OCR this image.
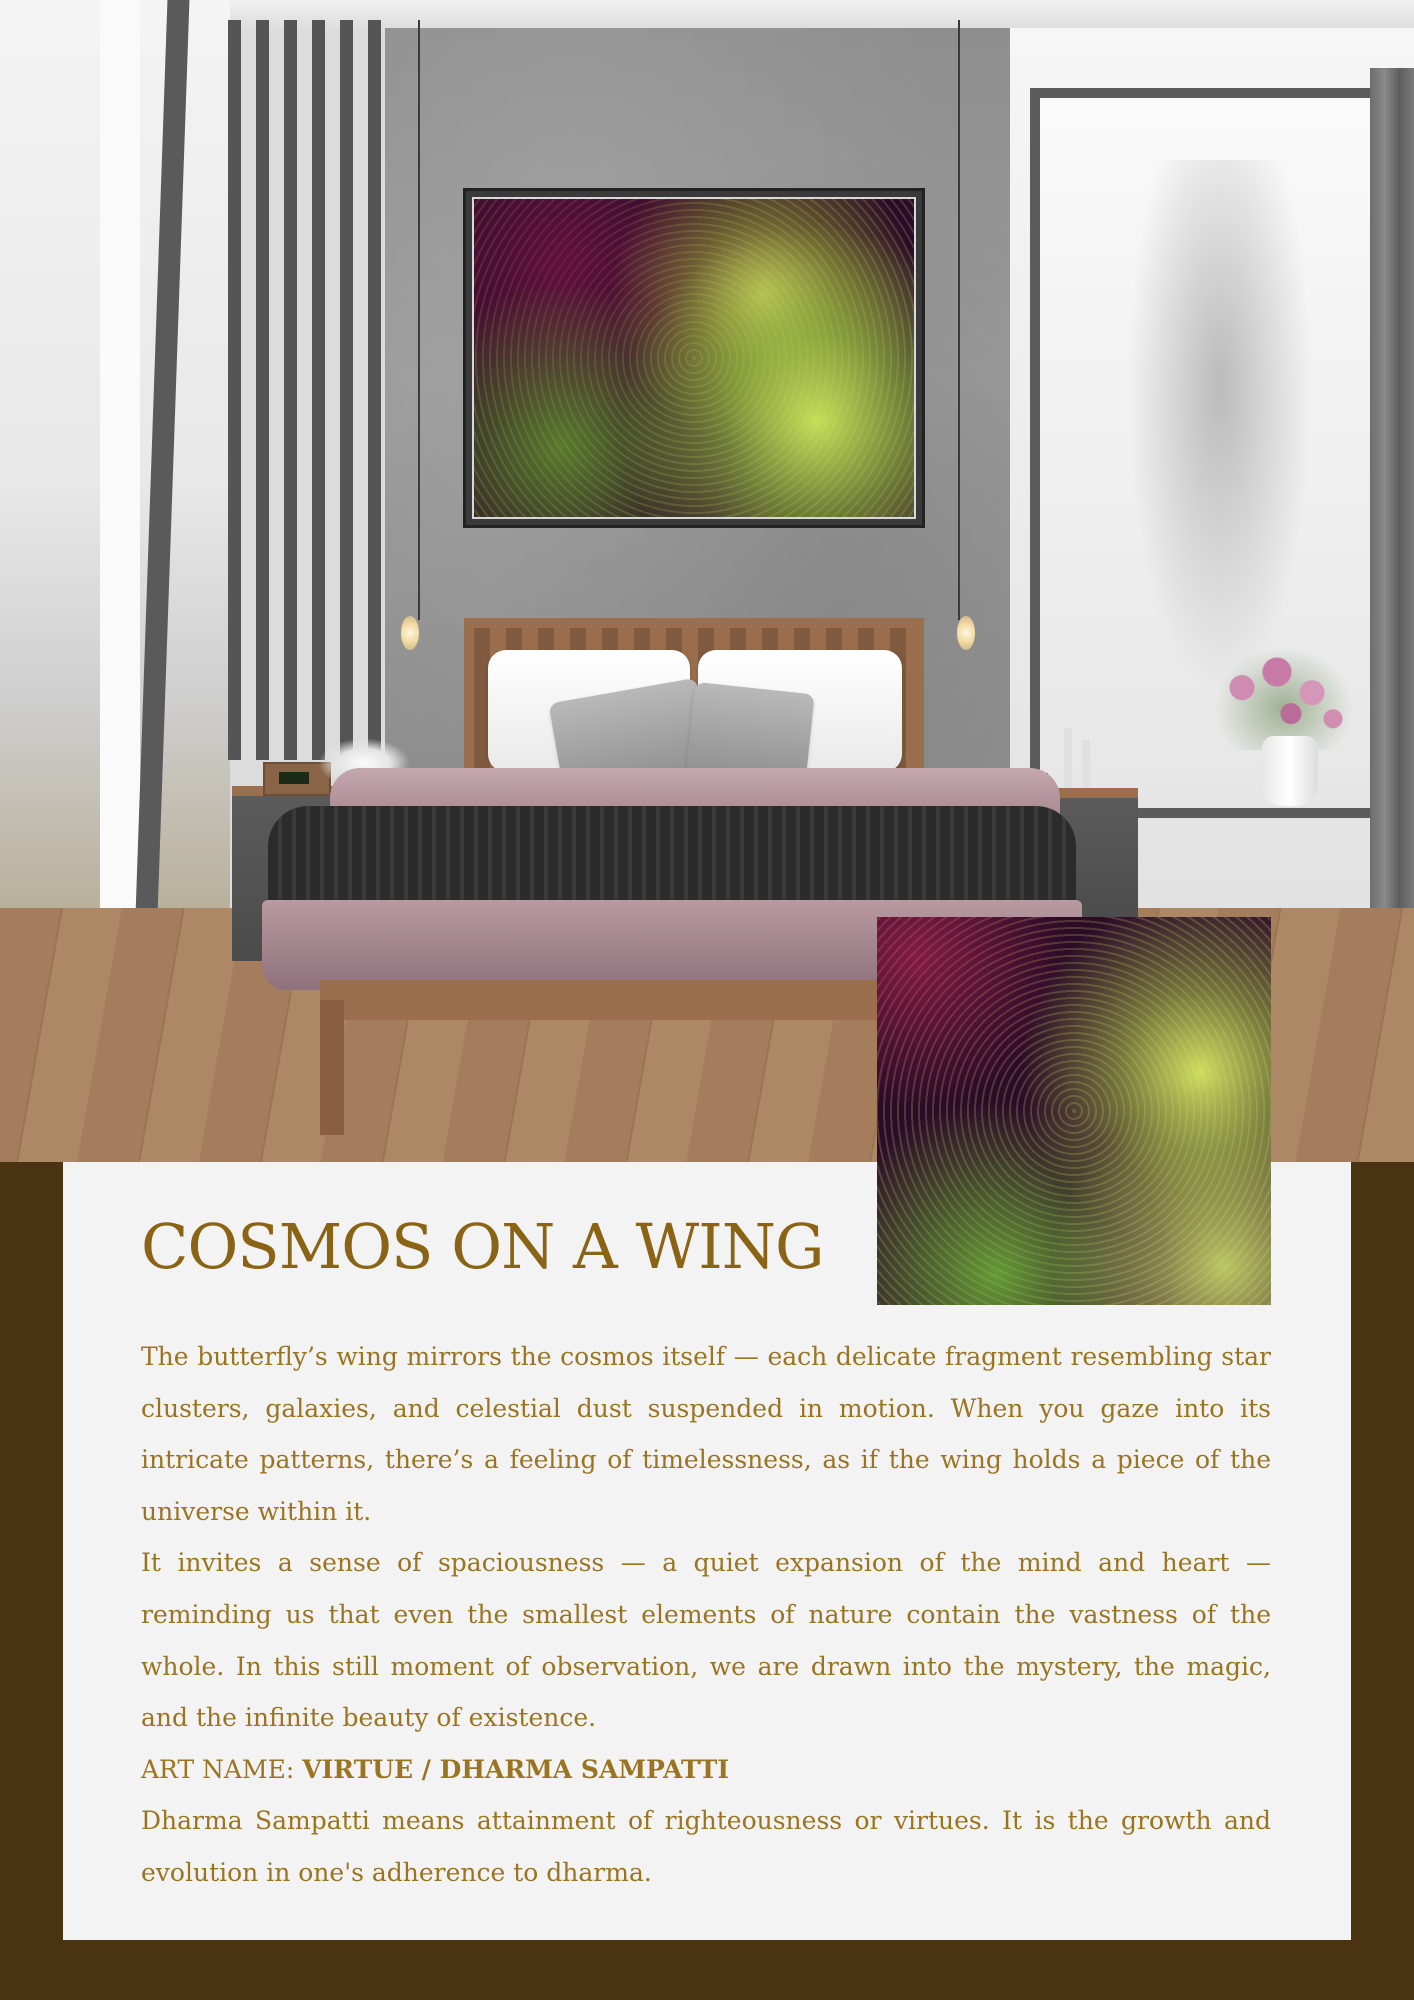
COSMOS ON A WING

The butterfly’s wing mirrors the cosmos itself — each delicate fragment resembling star clusters, galaxies, and celestial dust suspended in motion. When you gaze into its intricate patterns, there’s a feeling of timelessness, as if the wing holds a piece of the universe within it.

It invites a sense of spaciousness — a quiet expansion of the mind and heart — reminding us that even the smallest elements of nature contain the vastness of the whole. In this still moment of observation, we are drawn into the mystery, the magic, and the infinite beauty of existence.

ART NAME: VIRTUE / DHARMA SAMPATTI

Dharma Sampatti means attainment of righteousness or virtues. It is the growth and evolution in one's adherence to dharma.
